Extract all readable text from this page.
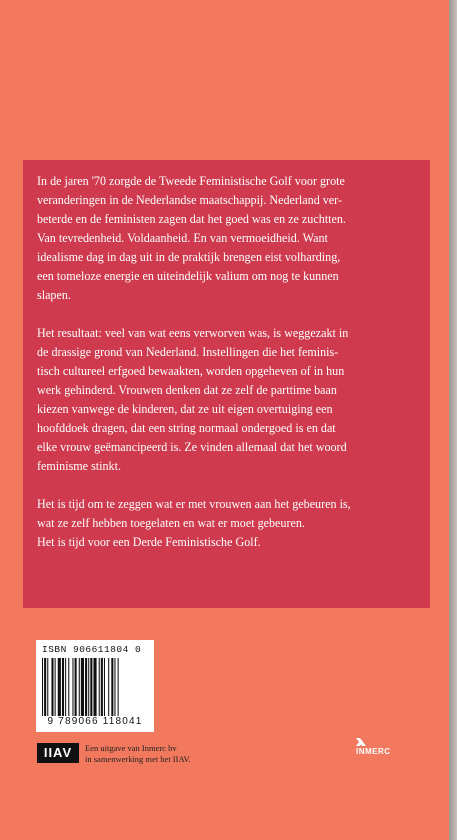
In de jaren '70 zorgde de Tweede Feministische Golf voor grote
veranderingen in de Nederlandse maatschappij. Nederland ver-
beterde en de feministen zagen dat het goed was en ze zuchtten.
Van tevredenheid. Voldaanheid. En van vermoeidheid. Want
idealisme dag in dag uit in de praktijk brengen eist volharding,
een tomeloze energie en uiteindelijk valium om nog te kunnen
slapen.

Het resultaat: veel van wat eens verworven was, is weggezakt in
de drassige grond van Nederland. Instellingen die het feminis-
tisch cultureel erfgoed bewaakten, worden opgeheven of in hun
werk gehinderd. Vrouwen denken dat ze zelf de parttime baan
kiezen vanwege de kinderen, dat ze uit eigen overtuiging een
hoofddoek dragen, dat een string normaal ondergoed is en dat
elke vrouw geëmancipeerd is. Ze vinden allemaal dat het woord
feminisme stinkt.

Het is tijd om te zeggen wat er met vrouwen aan het gebeuren is,
wat ze zelf hebben toegelaten en wat er moet gebeuren.

Het is tijd voor een Derde Feministische Golf.

ISBN 906611804 0
9 789066 118041
IIAV	Een uitgave van Inmerc bv
in samenwerking met het IIAV.
INMERC
